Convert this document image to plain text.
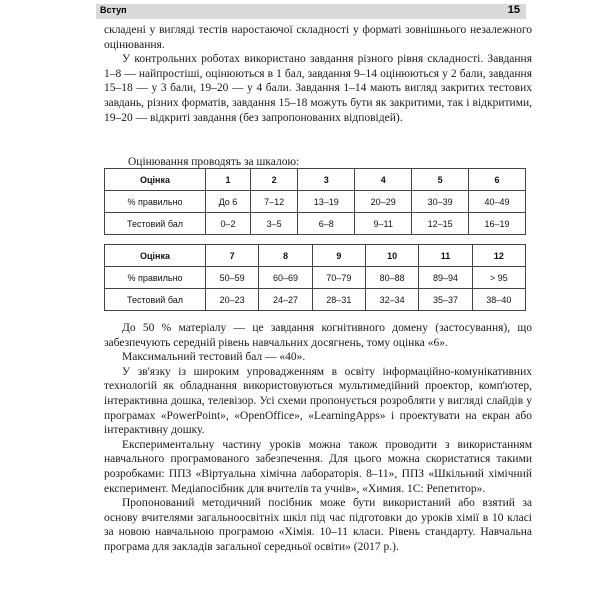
Вступ	15

складені у вигляді тестів наростаючої складності у форматі зовнішнього незалежного оцінювання.

У контрольних роботах використано завдання різного рівня складності. Завдання 1–8 — найпростіші, оцінюються в 1 бал, завдання 9–14 оцінюються у 2 бали, завдання 15–18 — у 3 бали, 19–20 — у 4 бали. Завдання 1–14 мають вигляд закритих тестових завдань, різних форматів, завдання 15–18 можуть бути як закритими, так і відкритими, 19–20 — відкриті завдання (без запропонованих відповідей).

Оцінювання проводять за шкалою:

Оцінка	1	2	3	4	5	6
% правильно	До 6	7–12	13–19	20–29	30–39	40–49
Тестовий бал	0–2	3–5	6–8	9–11	12–15	16–19
Оцінка	7	8	9	10	11	12
% правильно	50–59	60–69	70–79	80–88	89–94	> 95
Тестовий бал	20–23	24–27	28–31	32–34	35–37	38–40

До 50 % матеріалу — це завдання когнітивного домену (застосування), що забезпечують середній рівень навчальних досягнень, тому оцінка «6».

Максимальний тестовий бал — «40».

У зв'язку із широким упровадженням в освіту інформаційно-комунікативних технологій як обладнання використовуються мультимедійний проектор, комп'ютер, інтерактивна дошка, телевізор. Усі схеми пропонується розробляти у вигляді слайдів у програмах «PowerPoint», «OpenOffice», «LearningApps» і проектувати на екран або інтерактивну дошку.

Експериментальну частину уроків можна також проводити з використанням навчального програмованого забезпечення. Для цього можна скористатися такими розробками: ППЗ «Віртуальна хімічна лабораторія. 8–11», ППЗ «Шкільний хімічний експеримент. Медіапосібник для вчителів та учнів», «Химия. 1С: Репетитор».

Пропонований методичний посібник може бути використаний або взятий за основу вчителями загальноосвітніх шкіл під час підготовки до уроків хімії в 10 класі за новою навчальною програмою «Хімія. 10–11 класи. Рівень стандарту. Навчальна програма для закладів загальної середньої освіти» (2017 р.).
